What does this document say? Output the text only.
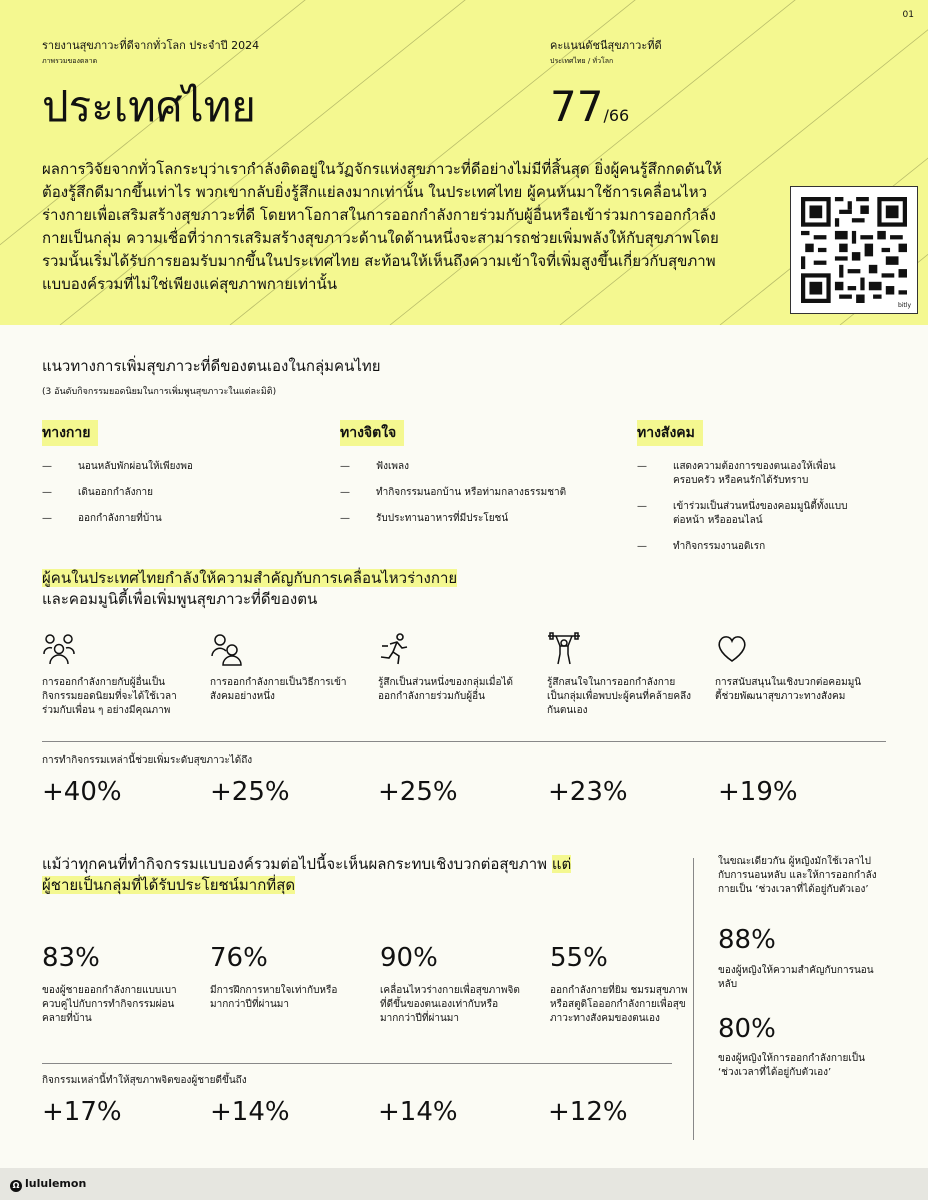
01
รายงานสุขภาวะที่ดีจากทั่วโลก ประจำปี 2024
ภาพรวมของตลาด
คะแนนดัชนีสุขภาวะที่ดี
ประเทศไทย / ทั่วโลก
ประเทศไทย	77/66
ผลการวิจัยจากทั่วโลกระบุว่าเรากำลังติดอยู่ในวัฏจักรแห่งสุขภาวะที่ดีอย่างไม่มีที่สิ้นสุด ยิ่งผู้คนรู้สึกกดดันให้ต้องรู้สึกดีมากขึ้นเท่าไร พวกเขากลับยิ่งรู้สึกแย่ลงมากเท่านั้น ในประเทศไทย ผู้คนหันมาใช้การเคลื่อนไหวร่างกายเพื่อเสริมสร้างสุขภาวะที่ดี โดยหาโอกาสในการออกกำลังกายร่วมกับผู้อื่นหรือเข้าร่วมการออกกำลังกายเป็นกลุ่ม ความเชื่อที่ว่าการเสริมสร้างสุขภาวะด้านใดด้านหนึ่งจะสามารถช่วยเพิ่มพลังให้กับสุขภาพโดยรวมนั้นเริ่มได้รับการยอมรับมากขึ้นในประเทศไทย สะท้อนให้เห็นถึงความเข้าใจที่เพิ่มสูงขึ้นเกี่ยวกับสุขภาพแบบองค์รวมที่ไม่ใช่เพียงแค่สุขภาพกายเท่านั้น
bitly
แนวทางการเพิ่มสุขภาวะที่ดีของตนเองในกลุ่มคนไทย
(3 อันดับกิจกรรมยอดนิยมในการเพิ่มพูนสุขภาวะในแต่ละมิติ)
ทางกาย
— นอนหลับพักผ่อนให้เพียงพอ
— เดินออกกำลังกาย
— ออกกำลังกายที่บ้าน
ทางจิตใจ
— ฟังเพลง
— ทำกิจกรรมนอกบ้าน หรือท่ามกลางธรรมชาติ
— รับประทานอาหารที่มีประโยชน์
ทางสังคม
— แสดงความต้องการของตนเองให้เพื่อนครอบครัว หรือคนรักได้รับทราบ
— เข้าร่วมเป็นส่วนหนึ่งของคอมมูนิตี้ทั้งแบบต่อหน้า หรือออนไลน์
— ทำกิจกรรมงานอดิเรก
ผู้คนในประเทศไทยกำลังให้ความสำคัญกับการเคลื่อนไหวร่างกาย
และคอมมูนิตี้เพื่อเพิ่มพูนสุขภาวะที่ดีของตน
การออกกำลังกายกับผู้อื่นเป็นกิจกรรมยอดนิยมที่จะได้ใช้เวลาร่วมกับเพื่อน ๆ อย่างมีคุณภาพ
การออกกำลังกายเป็นวิธีการเข้าสังคมอย่างหนึ่ง
รู้สึกเป็นส่วนหนึ่งของกลุ่มเมื่อได้ออกกำลังกายร่วมกับผู้อื่น
รู้สึกสนใจในการออกกำลังกายเป็นกลุ่มเพื่อพบปะผู้คนที่คล้ายคลึงกันตนเอง
การสนับสนุนในเชิงบวกต่อคอมมูนิตี้ช่วยพัฒนาสุขภาวะทางสังคม
การทำกิจกรรมเหล่านี้ช่วยเพิ่มระดับสุขภาวะได้ถึง
+40%	+25%	+25%	+23%	+19%
แม้ว่าทุกคนที่ทำกิจกรรมแบบองค์รวมต่อไปนี้จะเห็นผลกระทบเชิงบวกต่อสุขภาพ แต่ผู้ชายเป็นกลุ่มที่ได้รับประโยชน์มากที่สุด
83%
ของผู้ชายออกกำลังกายแบบเบา ควบคู่ไปกับการทำกิจกรรมผ่อนคลายที่บ้าน
76%
มีการฝึกการหายใจเท่ากับหรือมากกว่าปีที่ผ่านมา
90%
เคลื่อนไหวร่างกายเพื่อสุขภาพจิตที่ดีขึ้นของตนเองเท่ากับหรือมากกว่าปีที่ผ่านมา
55%
ออกกำลังกายที่ยิม ชมรมสุขภาพ หรือสตูดิโอออกกำลังกายเพื่อสุขภาวะทางสังคมของตนเอง
กิจกรรมเหล่านี้ทำให้สุขภาพจิตของผู้ชายดีขึ้นถึง
+17%	+14%	+14%	+12%
ในขณะเดียวกัน ผู้หญิงมักใช้เวลาไปกับการนอนหลับ และให้การออกกำลังกายเป็น ‘ช่วงเวลาที่ได้อยู่กับตัวเอง’
88%
ของผู้หญิงให้ความสำคัญกับการนอนหลับ
80%
ของผู้หญิงให้การออกกำลังกายเป็น ‘ช่วงเวลาที่ได้อยู่กับตัวเอง’
Ω lululemon
